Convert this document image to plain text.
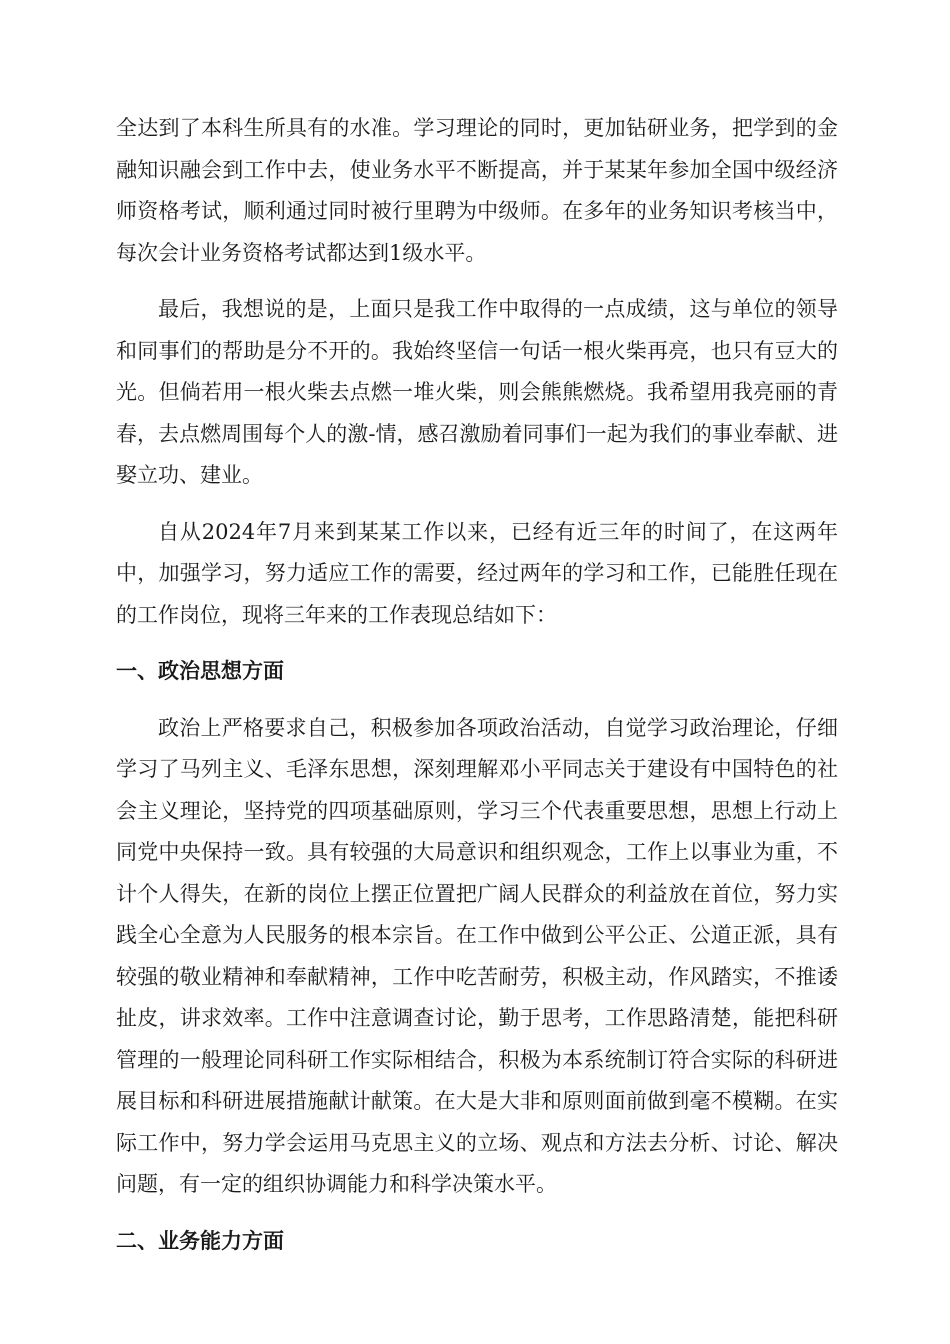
全达到了本科生所具有的水准。学习理论的同时，更加钻研业务，把学到的金融知识融会到工作中去，使业务水平不断提高，并于某某年参加全国中级经济师资格考试，顺利通过同时被行里聘为中级师。在多年的业务知识考核当中，每次会计业务资格考试都达到1级水平。

最后，我想说的是，上面只是我工作中取得的一点成绩，这与单位的领导和同事们的帮助是分不开的。我始终坚信一句话一根火柴再亮，也只有豆大的光。但倘若用一根火柴去点燃一堆火柴，则会熊熊燃烧。我希望用我亮丽的青春，去点燃周围每个人的激-情，感召激励着同事们一起为我们的事业奉献、进娶立功、建业。

自从2024年7月来到某某工作以来，已经有近三年的时间了，在这两年中，加强学习，努力适应工作的需要，经过两年的学习和工作，已能胜任现在的工作岗位，现将三年来的工作表现总结如下：

一、政治思想方面

政治上严格要求自己，积极参加各项政治活动，自觉学习政治理论，仔细学习了马列主义、毛泽东思想，深刻理解邓小平同志关于建设有中国特色的社会主义理论，坚持党的四项基础原则，学习三个代表重要思想，思想上行动上同党中央保持一致。具有较强的大局意识和组织观念，工作上以事业为重，不计个人得失，在新的岗位上摆正位置把广阔人民群众的利益放在首位，努力实践全心全意为人民服务的根本宗旨。在工作中做到公平公正、公道正派，具有较强的敬业精神和奉献精神，工作中吃苦耐劳，积极主动，作风踏实，不推诿扯皮，讲求效率。工作中注意调查讨论，勤于思考，工作思路清楚，能把科研管理的一般理论同科研工作实际相结合，积极为本系统制订符合实际的科研进展目标和科研进展措施献计献策。在大是大非和原则面前做到毫不模糊。在实际工作中，努力学会运用马克思主义的立场、观点和方法去分析、讨论、解决问题，有一定的组织协调能力和科学决策水平。

二、业务能力方面
